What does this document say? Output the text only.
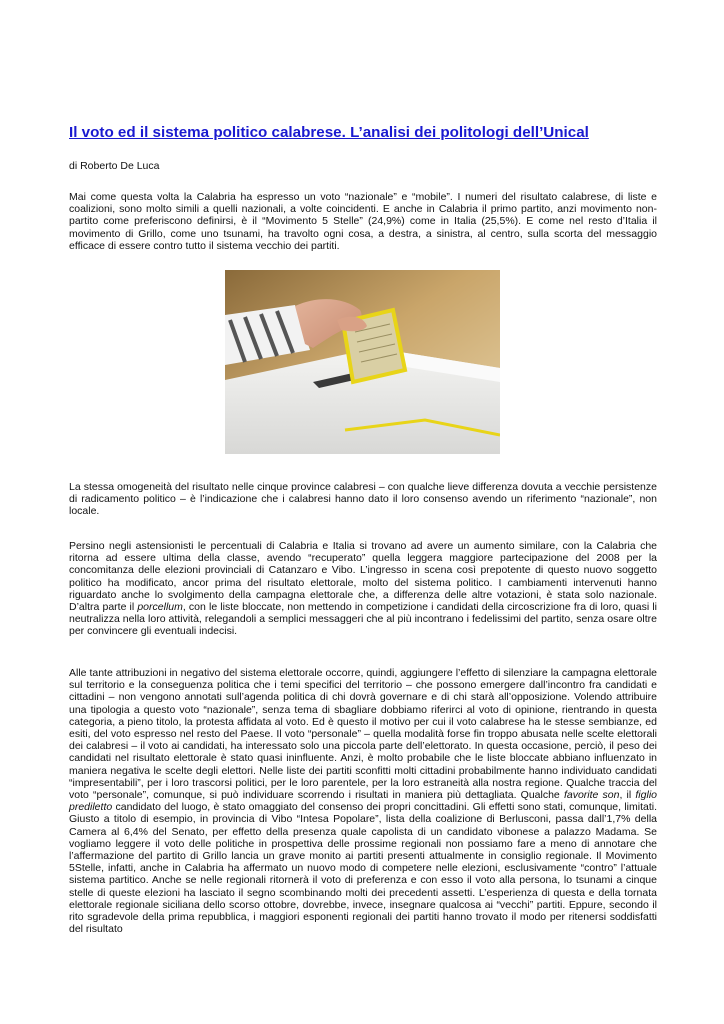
Il voto ed il sistema politico calabrese. L’analisi dei politologi dell’Unical
di Roberto De Luca
Mai come questa volta la Calabria ha espresso un voto “nazionale” e “mobile”. I numeri del risultato calabrese, di liste e coalizioni, sono molto simili a quelli nazionali, a volte coincidenti. E anche in Calabria il primo partito, anzi movimento non-partito come preferiscono definirsi, è il “Movimento 5 Stelle” (24,9%) come in Italia (25,5%). E come nel resto d’Italia il movimento di Grillo, come uno tsunami, ha travolto ogni cosa, a destra, a sinistra, al centro, sulla scorta del messaggio efficace di essere contro tutto il sistema vecchio dei partiti.
La stessa omogeneità del risultato nelle cinque province calabresi – con qualche lieve differenza dovuta a vecchie persistenze di radicamento politico – è l’indicazione che i calabresi hanno dato il loro consenso avendo un riferimento “nazionale”, non locale.
Persino negli astensionisti le percentuali di Calabria e Italia si trovano ad avere un aumento similare, con la Calabria che ritorna ad essere ultima della classe, avendo “recuperato” quella leggera maggiore partecipazione del 2008 per la concomitanza delle elezioni provinciali di Catanzaro e Vibo. L’ingresso in scena così prepotente di questo nuovo soggetto politico ha modificato, ancor prima del risultato elettorale, molto del sistema politico. I cambiamenti intervenuti hanno riguardato anche lo svolgimento della campagna elettorale che, a differenza delle altre votazioni, è stata solo nazionale. D’altra parte il porcellum, con le liste bloccate, non mettendo in competizione i candidati della circoscrizione fra di loro, quasi li neutralizza nella loro attività, relegandoli a semplici messaggeri che al più incontrano i fedelissimi del partito, senza osare oltre per convincere gli eventuali indecisi.
Alle tante attribuzioni in negativo del sistema elettorale occorre, quindi, aggiungere l’effetto di silenziare la campagna elettorale sul territorio e la conseguenza politica che i temi specifici del territorio – che possono emergere dall’incontro fra candidati e cittadini – non vengono annotati sull’agenda politica di chi dovrà governare e di chi starà all’opposizione. Volendo attribuire una tipologia a questo voto “nazionale”, senza tema di sbagliare dobbiamo riferirci al voto di opinione, rientrando in questa categoria, a pieno titolo, la protesta affidata al voto. Ed è questo il motivo per cui il voto calabrese ha le stesse sembianze, ed esiti, del voto espresso nel resto del Paese. Il voto “personale” – quella modalità forse fin troppo abusata nelle scelte elettorali dei calabresi – il voto ai candidati, ha interessato solo una piccola parte dell’elettorato. In questa occasione, perciò, il peso dei candidati nel risultato elettorale è stato quasi ininfluente. Anzi, è molto probabile che le liste bloccate abbiano influenzato in maniera negativa le scelte degli elettori. Nelle liste dei partiti sconfitti molti cittadini probabilmente hanno individuato candidati “impresentabili”, per i loro trascorsi politici, per le loro parentele, per la loro estraneità alla nostra regione. Qualche traccia del voto “personale”, comunque, si può individuare scorrendo i risultati in maniera più dettagliata. Qualche favorite son, il figlio prediletto candidato del luogo, è stato omaggiato del consenso dei propri concittadini. Gli effetti sono stati, comunque, limitati. Giusto a titolo di esempio, in provincia di Vibo “Intesa Popolare”, lista della coalizione di Berlusconi, passa dall’1,7% della Camera al 6,4% del Senato, per effetto della presenza quale capolista di un candidato vibonese a palazzo Madama. Se vogliamo leggere il voto delle politiche in prospettiva delle prossime regionali non possiamo fare a meno di annotare che l’affermazione del partito di Grillo lancia un grave monito ai partiti presenti attualmente in consiglio regionale. Il Movimento 5Stelle, infatti, anche in Calabria ha affermato un nuovo modo di competere nelle elezioni, esclusivamente “contro” l’attuale sistema partitico. Anche se nelle regionali ritornerà il voto di preferenza e con esso il voto alla persona, lo tsunami a cinque stelle di queste elezioni ha lasciato il segno scombinando molti dei precedenti assetti. L’esperienza di questa e della tornata elettorale regionale siciliana dello scorso ottobre, dovrebbe, invece, insegnare qualcosa ai “vecchi” partiti. Eppure, secondo il rito sgradevole della prima repubblica, i maggiori esponenti regionali dei partiti hanno trovato il modo per ritenersi soddisfatti del risultato
